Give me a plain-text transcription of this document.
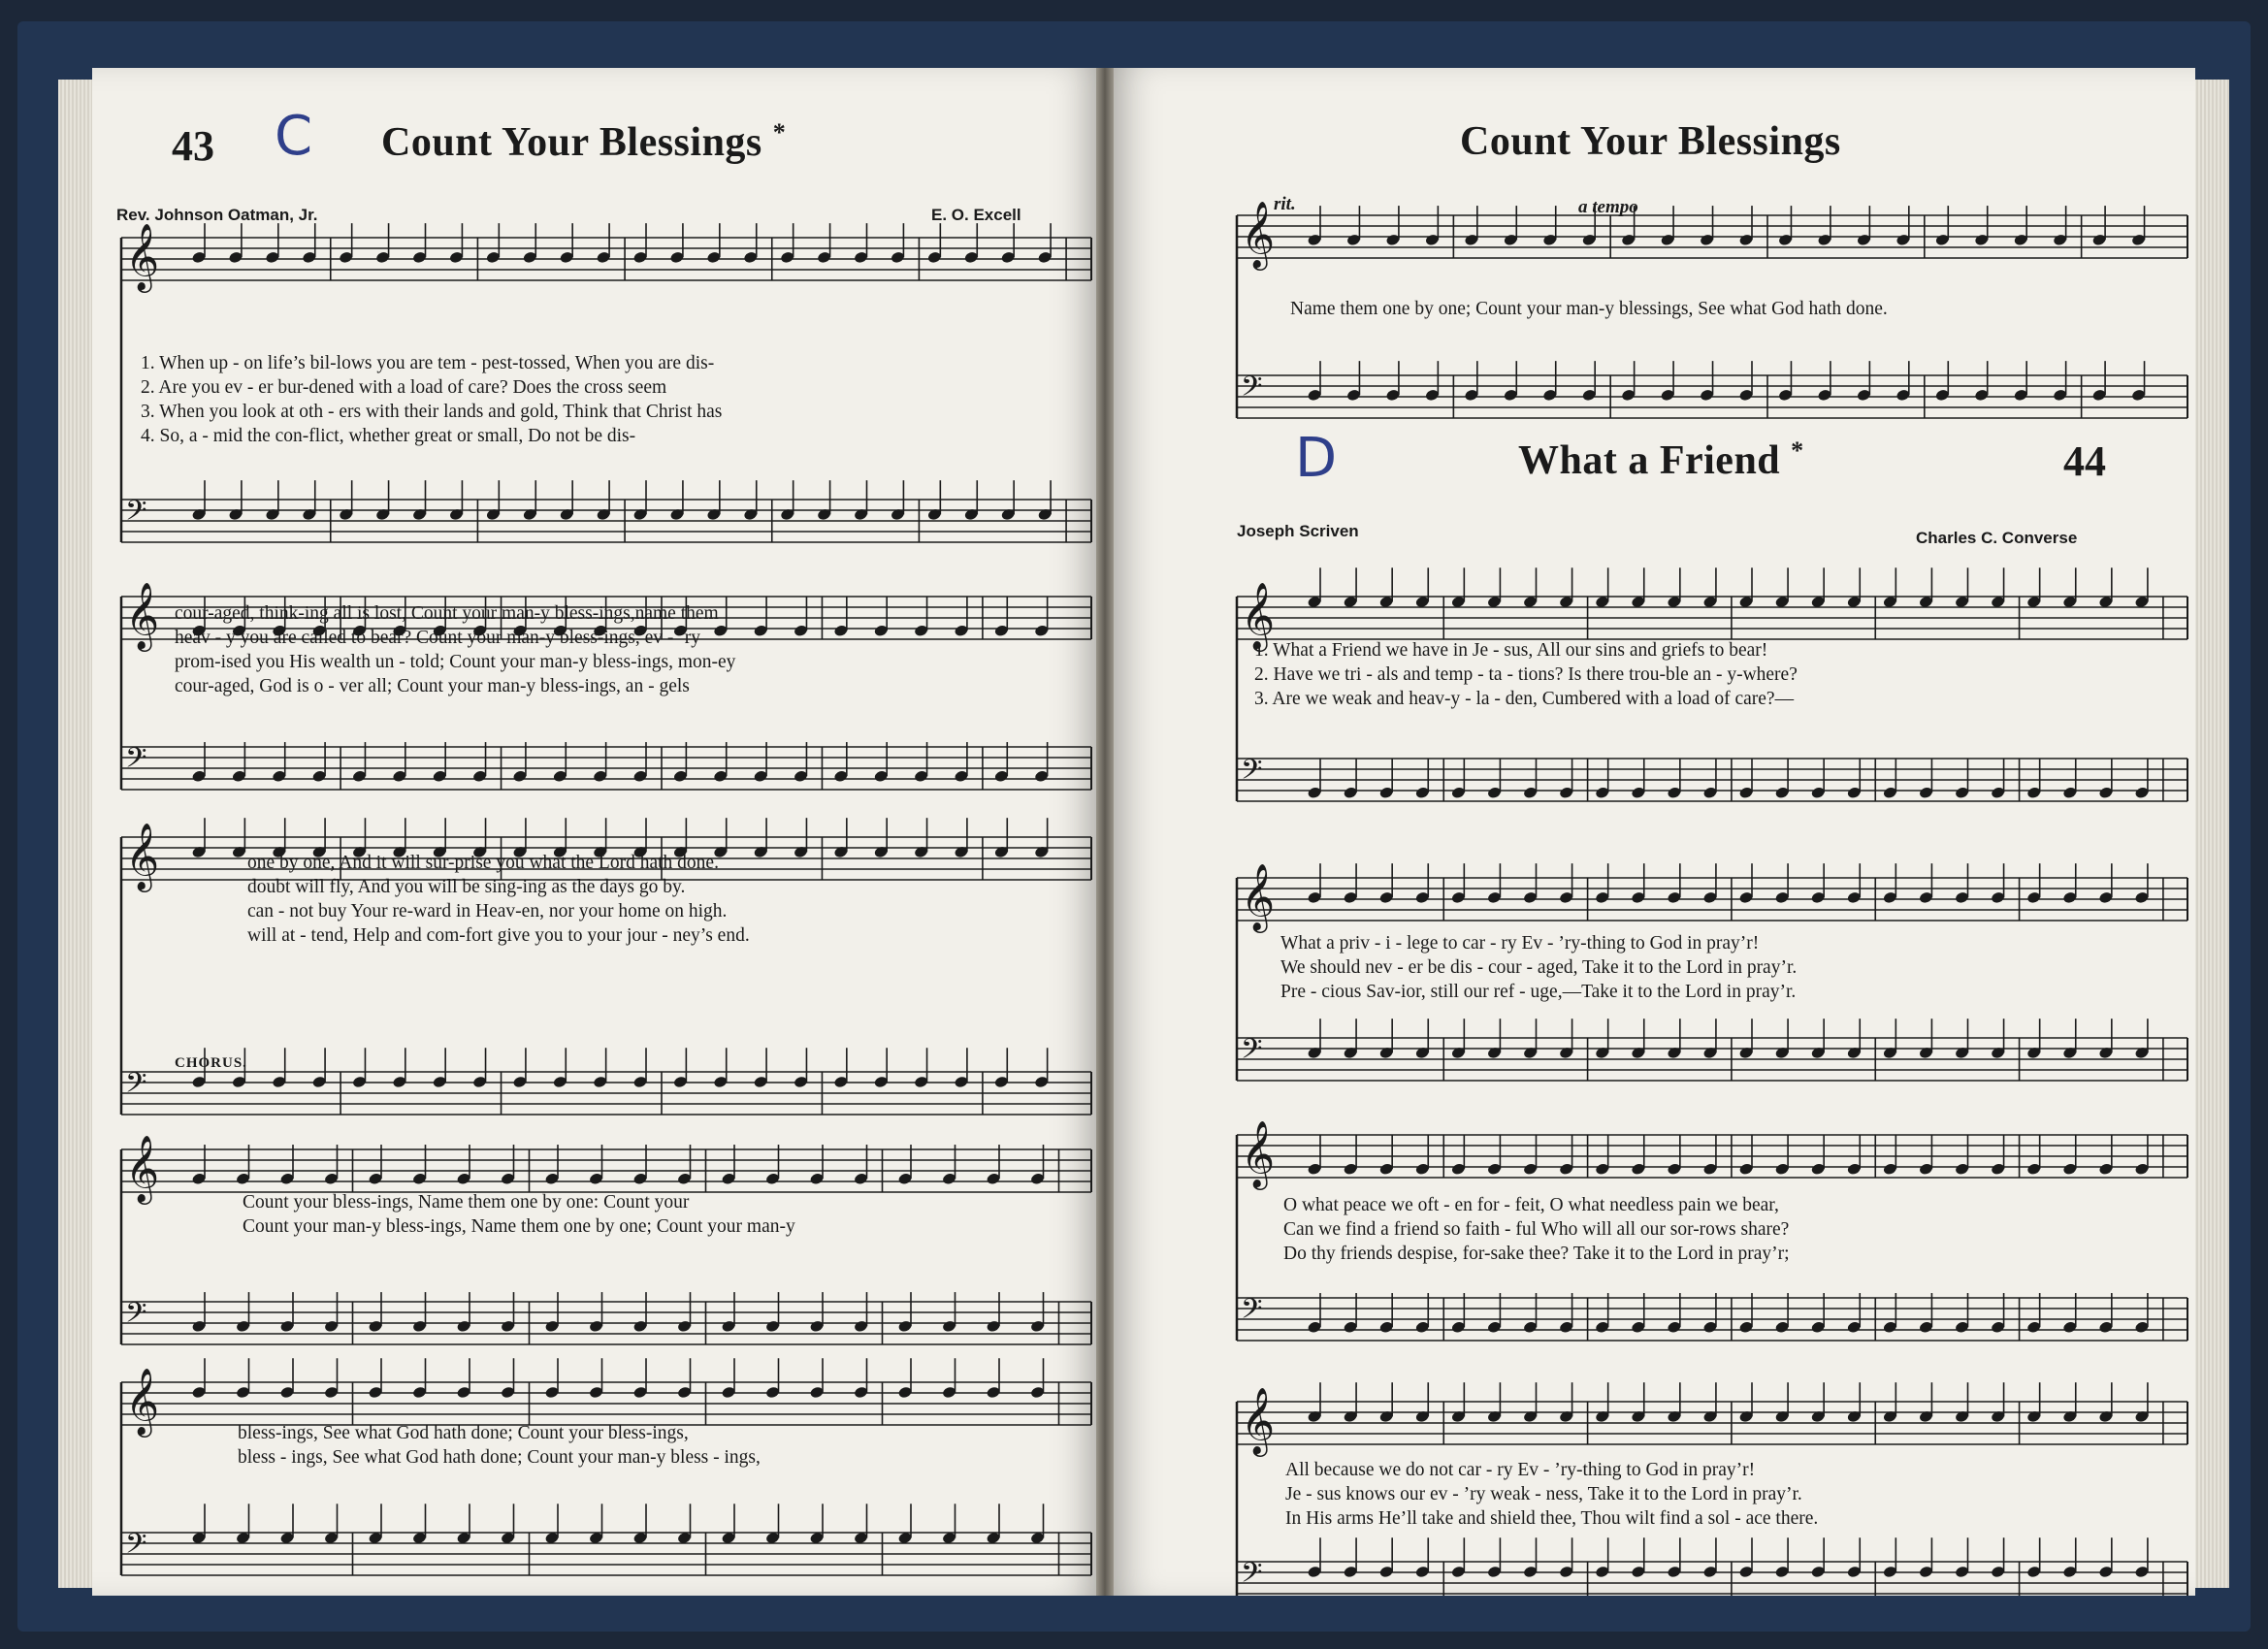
43 C Count Your Blessings *
Rev. Johnson Oatman, Jr.	E. O. Excell
𝄞
𝄢
𝄞
𝄢
𝄞
𝄢
𝄞
𝄢
𝄞
𝄢
CHORUS.
1. When up - on life’s bil-lows you are tem - pest-tossed, When you are dis-
2. Are you ev - er bur-dened with a load of care? Does the cross seem
3. When you look at oth - ers with their lands and gold, Think that Christ has
4. So, a - mid the con-flict, whether great or small, Do not be dis-
cour-aged, think-ing all is lost, Count your man-y bless-ings,name them
heav - y you are called to bear? Count your man-y bless-ings, ev - ’ry
prom-ised you His wealth un - told; Count your man-y bless-ings, mon-ey
cour-aged, God is o - ver all; Count your man-y bless-ings, an - gels
one by one, And it will sur-prise you what the Lord hath done.
doubt will fly, And you will be sing-ing as the days go by.
can - not buy Your re-ward in Heav-en, nor your home on high.
will at - tend, Help and com-fort give you to your jour - ney’s end.
Count your bless-ings, Name them one by one: Count your
Count your man-y bless-ings, Name them one by one; Count your man-y
bless-ings, See what God hath done; Count your bless-ings,
bless - ings, See what God hath done; Count your man-y bless - ings,
Count Your Blessings
rit.	a tempo
𝄞
𝄢
𝄞
𝄢
𝄞
𝄢
𝄞
𝄢
𝄞
𝄢
Name them one by one; Count your man-y blessings, See what God hath done.
D	What a Friend *	44
Joseph Scriven	Charles C. Converse
1. What a Friend we have in Je - sus, All our sins and griefs to bear!
2. Have we tri - als and temp - ta - tions? Is there trou-ble an - y-where?
3. Are we weak and heav-y - la - den, Cumbered with a load of care?—
What a priv - i - lege to car - ry Ev - ’ry-thing to God in pray’r!
We should nev - er be dis - cour - aged, Take it to the Lord in pray’r.
Pre - cious Sav-ior, still our ref - uge,—Take it to the Lord in pray’r.
O what peace we oft - en for - feit, O what needless pain we bear,
Can we find a friend so faith - ful Who will all our sor-rows share?
Do thy friends despise, for-sake thee? Take it to the Lord in pray’r;
All because we do not car - ry Ev - ’ry-thing to God in pray’r!
Je - sus knows our ev - ’ry weak - ness, Take it to the Lord in pray’r.
In His arms He’ll take and shield thee, Thou wilt find a sol - ace there.
